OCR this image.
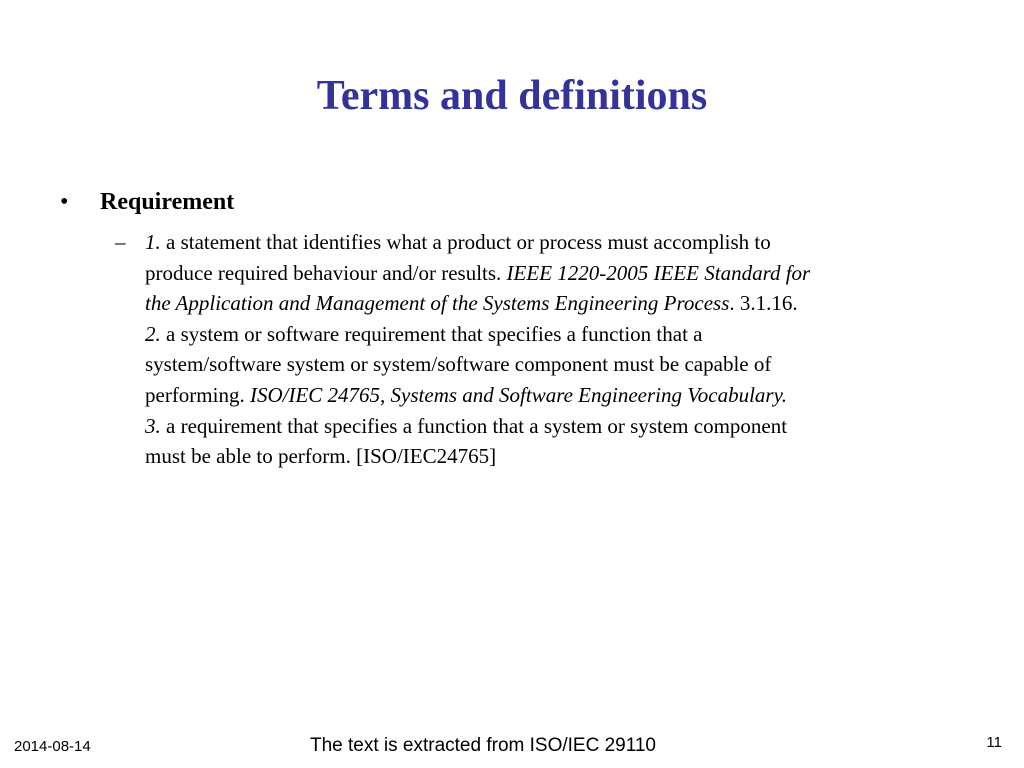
Terms and definitions
• Requirement
– 1. a statement that identifies what a product or process must accomplish to
produce required behaviour and/or results. IEEE 1220-2005 IEEE Standard for
the Application and Management of the Systems Engineering Process. 3.1.16.
2. a system or software requirement that specifies a function that a
system/software system or system/software component must be capable of
performing. ISO/IEC 24765, Systems and Software Engineering Vocabulary.
3. a requirement that specifies a function that a system or system component
must be able to perform. [ISO/IEC24765]
2014-08-14	The text is extracted from ISO/IEC 29110	11
